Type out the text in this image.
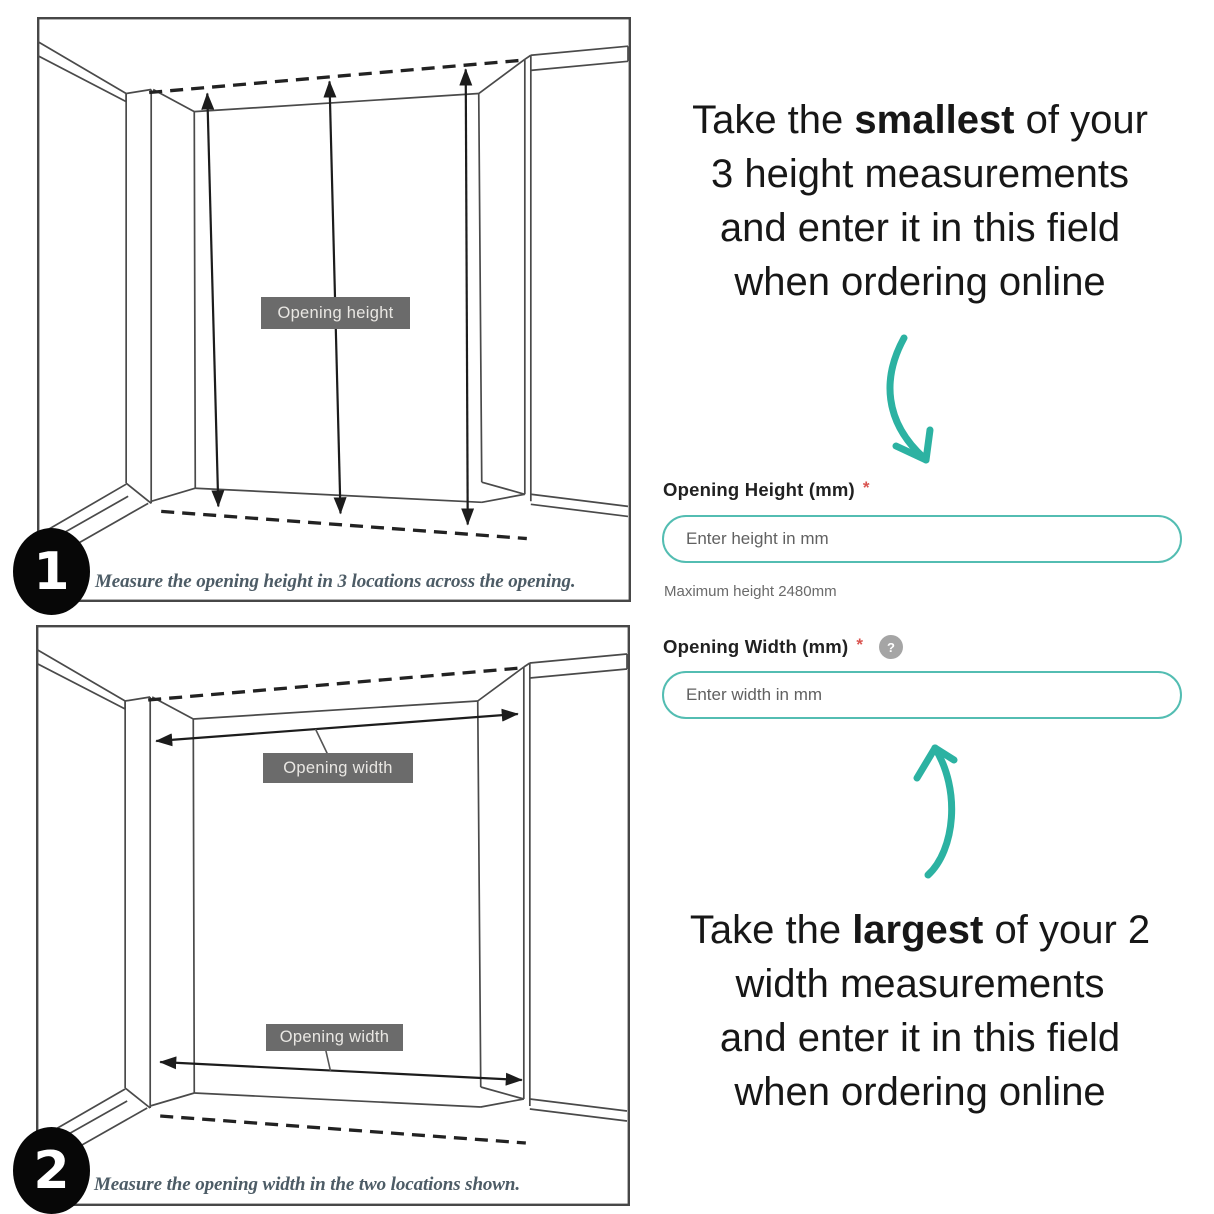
Opening height
Measure the opening height in 3 locations across the opening.
1
Opening width
Opening width
Measure the opening width in the two locations shown.
2
Take the smallest of your
3 height measurements
and enter it in this field
when ordering online
Opening Height (mm) *
Enter height in mm
Maximum height 2480mm
Opening Width (mm) *	?
Enter width in mm
Take the largest of your 2
width measurements
and enter it in this field
when ordering online
